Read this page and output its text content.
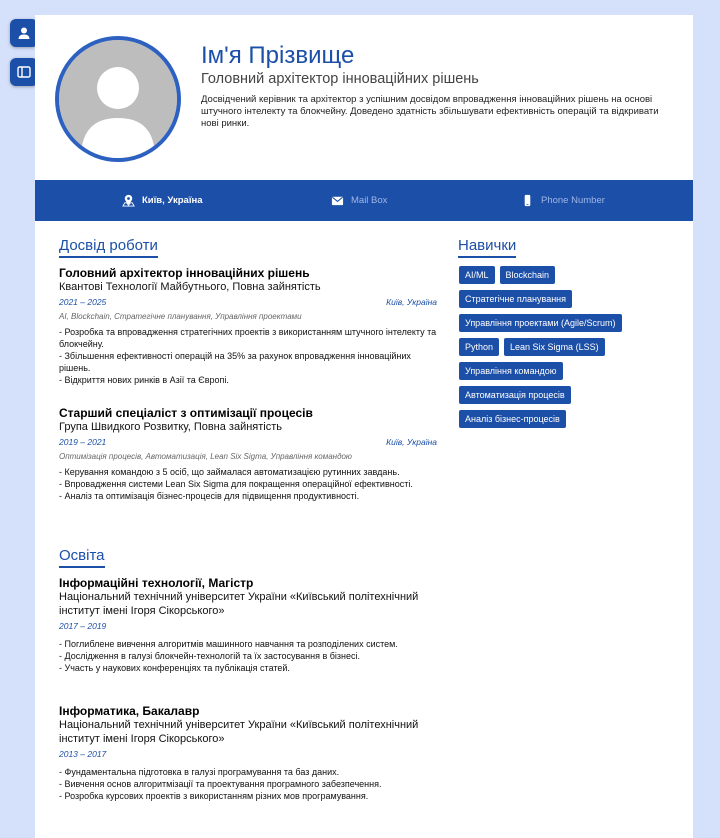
Ім'я Прізвище

Головний архітектор інноваційних рішень

Досвідчений керівник та архітектор з успішним досвідом впровадження інноваційних рішень на основі штучного інтелекту та блокчейну. Доведено здатність збільшувати ефективність операцій та відкривати нові ринки.

Київ, Україна	Mail Box	Phone Number
Досвід роботи

Головний архітектор інноваційних рішень

Квантові Технології Майбутнього, Повна зайнятість

2021 – 2025	Київ, Україна
AI, Blockchain, Стратегічне планування, Управління проектами
- Розробка та впровадження стратегічних проектів з використанням штучного інтелекту та блокчейну.
- Збільшення ефективності операцій на 35% за рахунок впровадження інноваційних рішень.
- Відкриття нових ринків в Азії та Європі.

Старший спеціаліст з оптимізації процесів

Група Швидкого Розвитку, Повна зайнятість

2019 – 2021	Київ, Україна
Оптимізація процесів, Автоматизація, Lean Six Sigma, Управління командою
- Керування командою з 5 осіб, що займалася автоматизацією рутинних завдань.
- Впровадження системи Lean Six Sigma для покращення операційної ефективності.
- Аналіз та оптимізація бізнес-процесів для підвищення продуктивності.
Освіта

Інформаційні технології, Магістр

Національний технічний університет України «Київський політехнічний інститут імені Ігоря Сікорського»

2017 – 2019
- Поглиблене вивчення алгоритмів машинного навчання та розподілених систем.
- Дослідження в галузі блокчейн-технологій та їх застосування в бізнесі.
- Участь у наукових конференціях та публікація статей.

Інформатика, Бакалавр

Національний технічний університет України «Київський політехнічний інститут імені Ігоря Сікорського»

2013 – 2017
- Фундаментальна підготовка в галузі програмування та баз даних.
- Вивчення основ алгоритмізації та проектування програмного забезпечення.
- Розробка курсових проектів з використанням різних мов програмування.
Навички
AI/ML	Blockchain
Стратегічне планування
Управління проектами (Agile/Scrum)
Python	Lean Six Sigma (LSS)
Управління командою
Автоматизація процесів
Аналіз бізнес-процесів
